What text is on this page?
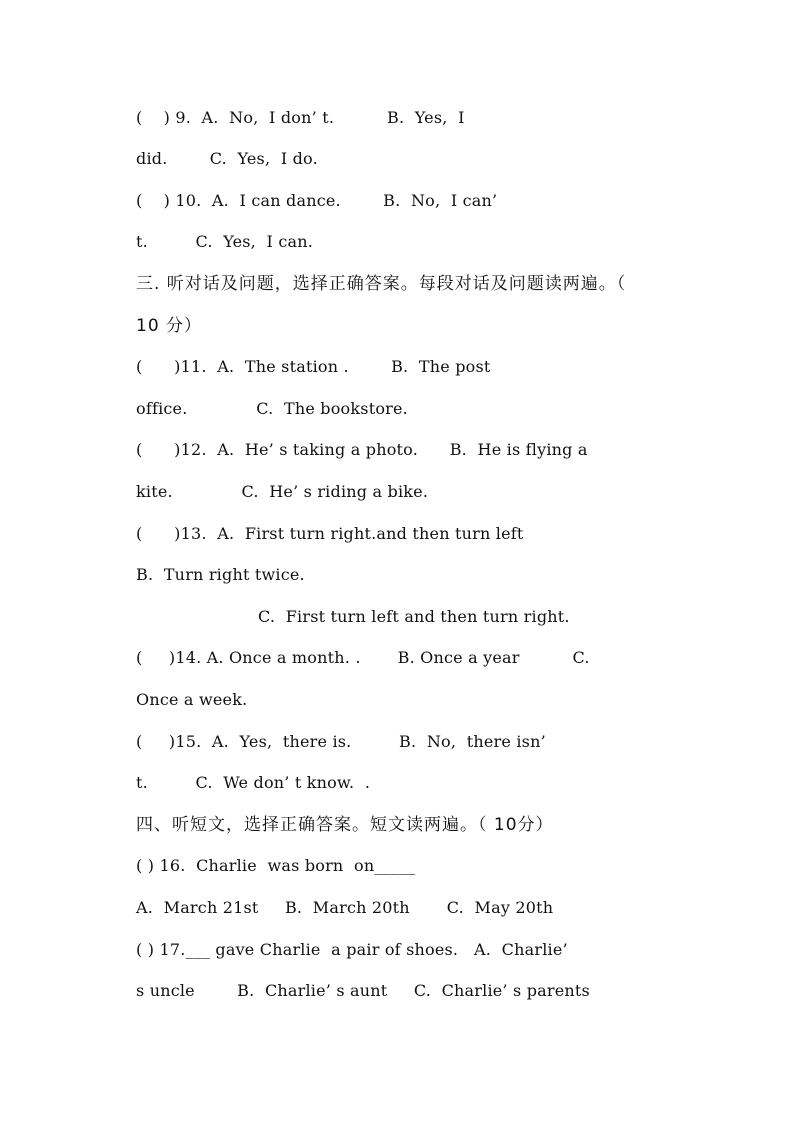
(    ) 9.  A.  No,  I don’ t.          B.  Yes,  I
did.        C.  Yes,  I do.
(    ) 10.  A.  I can dance.        B.  No,  I can’
t.         C.  Yes,  I can.
三. 听对话及问题，选择正确答案。每段对话及问题读两遍。（
10 分）
(      )11.  A.  The station .        B.  The post
office.             C.  The bookstore.
(      )12.  A.  He’ s taking a photo.      B.  He is flying a
kite.             C.  He’ s riding a bike.
(      )13.  A.  First turn right.and then turn left
B.  Turn right twice.
C.  First turn left and then turn right.
(     )14. A. Once a month. .       B. Once a year          C.
Once a week.
(     )15.  A.  Yes,  there is.         B.  No,  there isn’
t.         C.  We don’ t know.  .
四、听短文，选择正确答案。短文读两遍。（ 10分）
( ) 16.  Charlie  was born  on_____
A.  March 21st     B.  March 20th       C.  May 20th
( ) 17.___ gave Charlie  a pair of shoes.   A.  Charlie’
s uncle        B.  Charlie’ s aunt     C.  Charlie’ s parents
